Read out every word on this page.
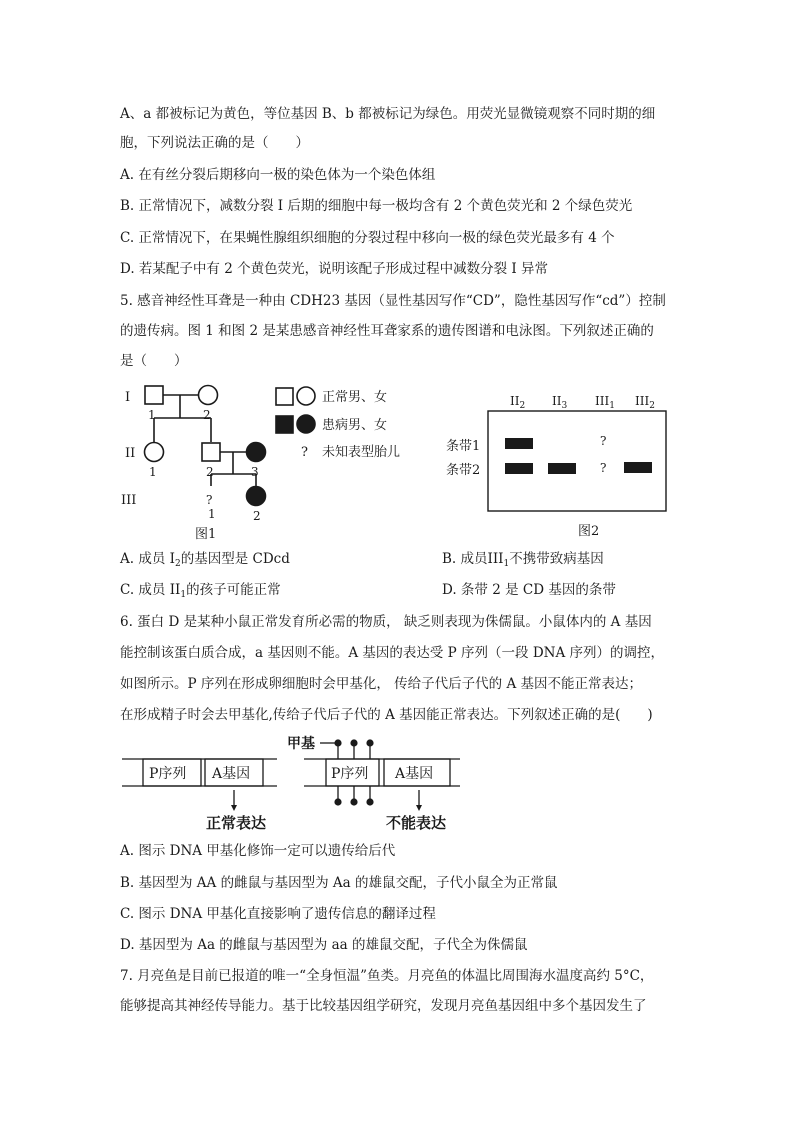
A、a 都被标记为黄色，等位基因 B、b 都被标记为绿色。用荧光显微镜观察不同时期的细
胞，下列说法正确的是（　　）
A. 在有丝分裂后期移向一极的染色体为一个染色体组
B. 正常情况下，减数分裂 I 后期的细胞中每一极均含有 2 个黄色荧光和 2 个绿色荧光
C. 正常情况下，在果蝇性腺组织细胞的分裂过程中移向一极的绿色荧光最多有 4 个
D. 若某配子中有 2 个黄色荧光，说明该配子形成过程中减数分裂 I 异常
5. 感音神经性耳聋是一种由 CDH23 基因（显性基因写作“CD”，隐性基因写作“cd”）控制
的遗传病。图 1 和图 2 是某患感音神经性耳聋家系的遗传图谱和电泳图。下列叙述正确的
是（　　）
I
II
III
1	2
1	2	3
?
1	2
图1
正常男、女
患病男、女
? 未知表型胎儿
$II_2$ $II_3$ $III_1$ $III_2$
条带1
条带2
?
?
图2
A. 成员 $I_2$的基因型是 CDcd	B. 成员$III_1$不携带致病基因
C. 成员 $II_1$的孩子可能正常	D. 条带 2 是 CD 基因的条带
6. 蛋白 D 是某种小鼠正常发育所必需的物质， 缺乏则表现为侏儒鼠。小鼠体内的 A 基因
能控制该蛋白质合成，a 基因则不能。A 基因的表达受 P 序列（一段 DNA 序列）的调控，
如图所示。P 序列在形成卵细胞时会甲基化， 传给子代后子代的 A 基因不能正常表达；
在形成精子时会去甲基化,传给子代后子代的 A 基因能正常表达。下列叙述正确的是(　　)
甲基
P序列 A基因	P序列 A基因
正常表达	不能表达
A. 图示 DNA 甲基化修饰一定可以遗传给后代
B. 基因型为 AA 的雌鼠与基因型为 Aa 的雄鼠交配，子代小鼠全为正常鼠
C. 图示 DNA 甲基化直接影响了遗传信息的翻译过程
D. 基因型为 Aa 的雌鼠与基因型为 aa 的雄鼠交配，子代全为侏儒鼠
7. 月亮鱼是目前已报道的唯一“全身恒温”鱼类。月亮鱼的体温比周围海水温度高约 5°C，
能够提高其神经传导能力。基于比较基因组学研究，发现月亮鱼基因组中多个基因发生了
